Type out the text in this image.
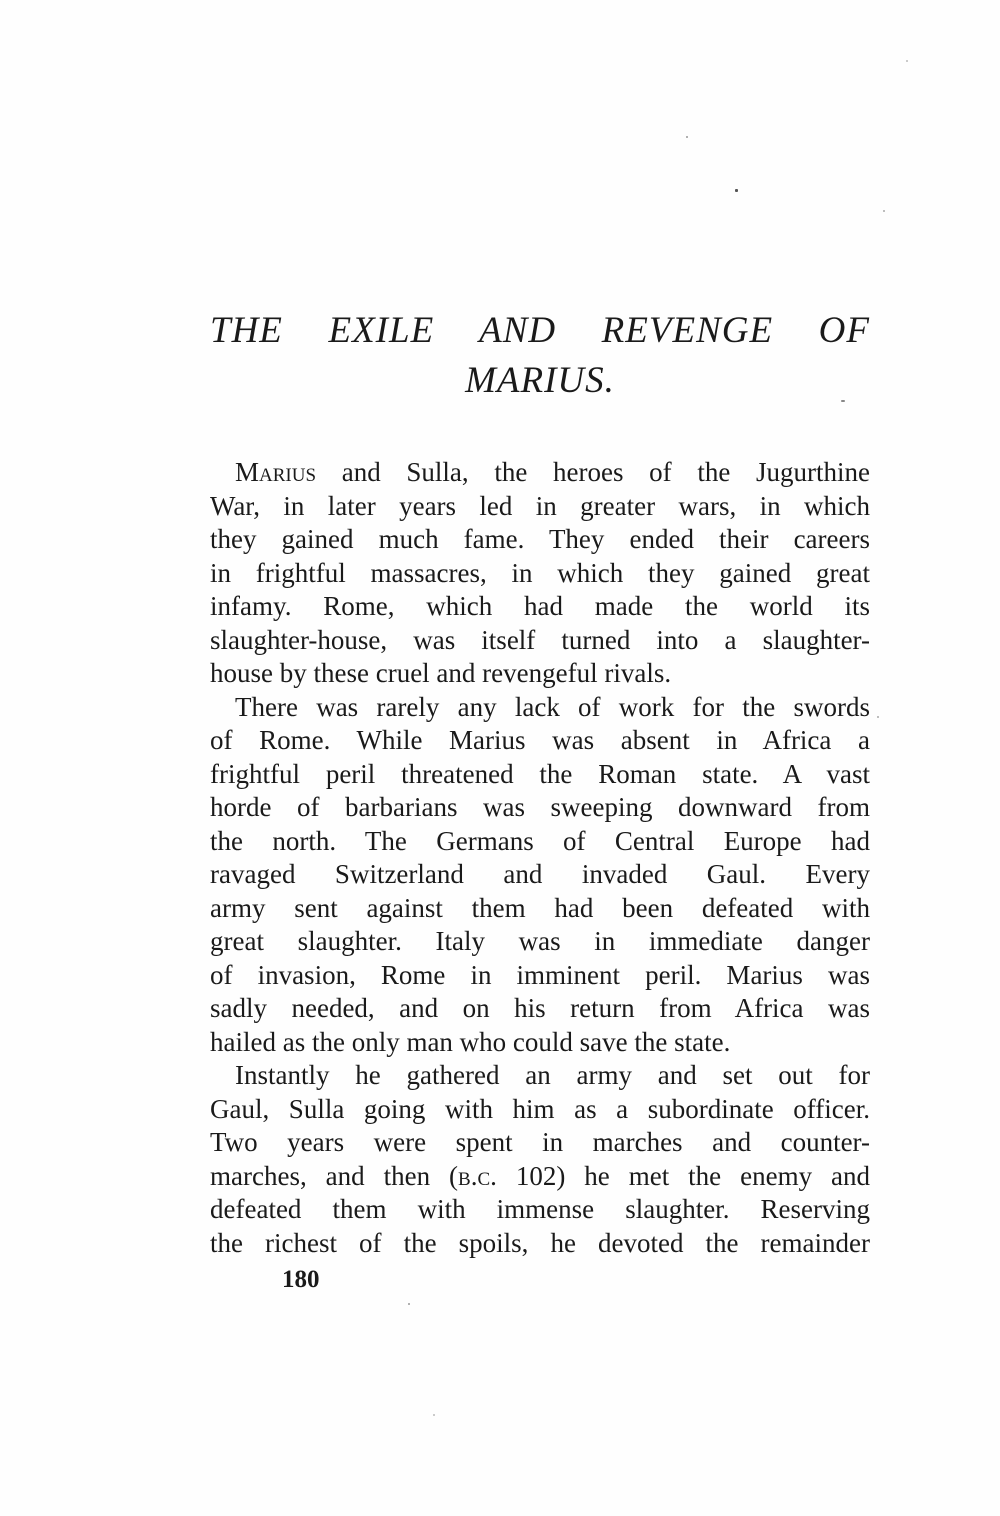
THE EXILE AND REVENGE OF
MARIUS.
Marius and Sulla, the heroes of the Jugurthine
War, in later years led in greater wars, in which
they gained much fame. They ended their careers
in frightful massacres, in which they gained great
infamy. Rome, which had made the world its
slaughter-house, was itself turned into a slaughter-
house by these cruel and revengeful rivals.
There was rarely any lack of work for the swords
of Rome. While Marius was absent in Africa a
frightful peril threatened the Roman state. A vast
horde of barbarians was sweeping downward from
the north. The Germans of Central Europe had
ravaged Switzerland and invaded Gaul. Every
army sent against them had been defeated with
great slaughter. Italy was in immediate danger
of invasion, Rome in imminent peril. Marius was
sadly needed, and on his return from Africa was
hailed as the only man who could save the state.
Instantly he gathered an army and set out for
Gaul, Sulla going with him as a subordinate officer.
Two years were spent in marches and counter-
marches, and then (b.c. 102) he met the enemy and
defeated them with immense slaughter. Reserving
the richest of the spoils, he devoted the remainder
180
